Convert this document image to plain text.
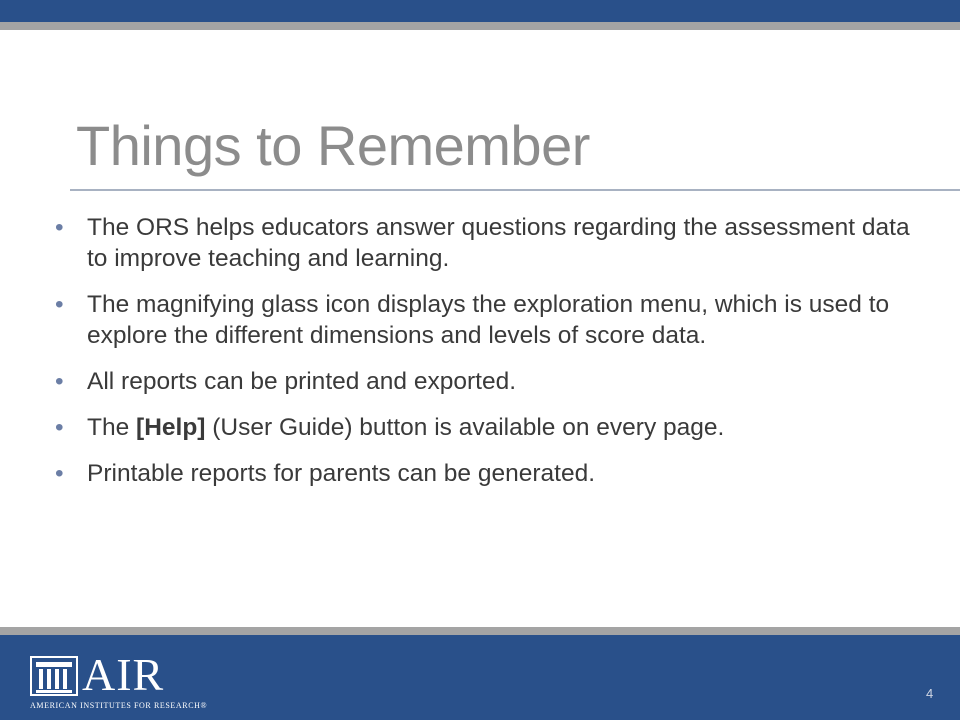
Things to Remember
• The ORS helps educators answer questions regarding the assessment data to improve teaching and learning.
• The magnifying glass icon displays the exploration menu, which is used to explore the different dimensions and levels of score data.
• All reports can be printed and exported.
• The [Help] (User Guide) button is available on every page.
• Printable reports for parents can be generated.
AIR
AMERICAN INSTITUTES FOR RESEARCH®
4
